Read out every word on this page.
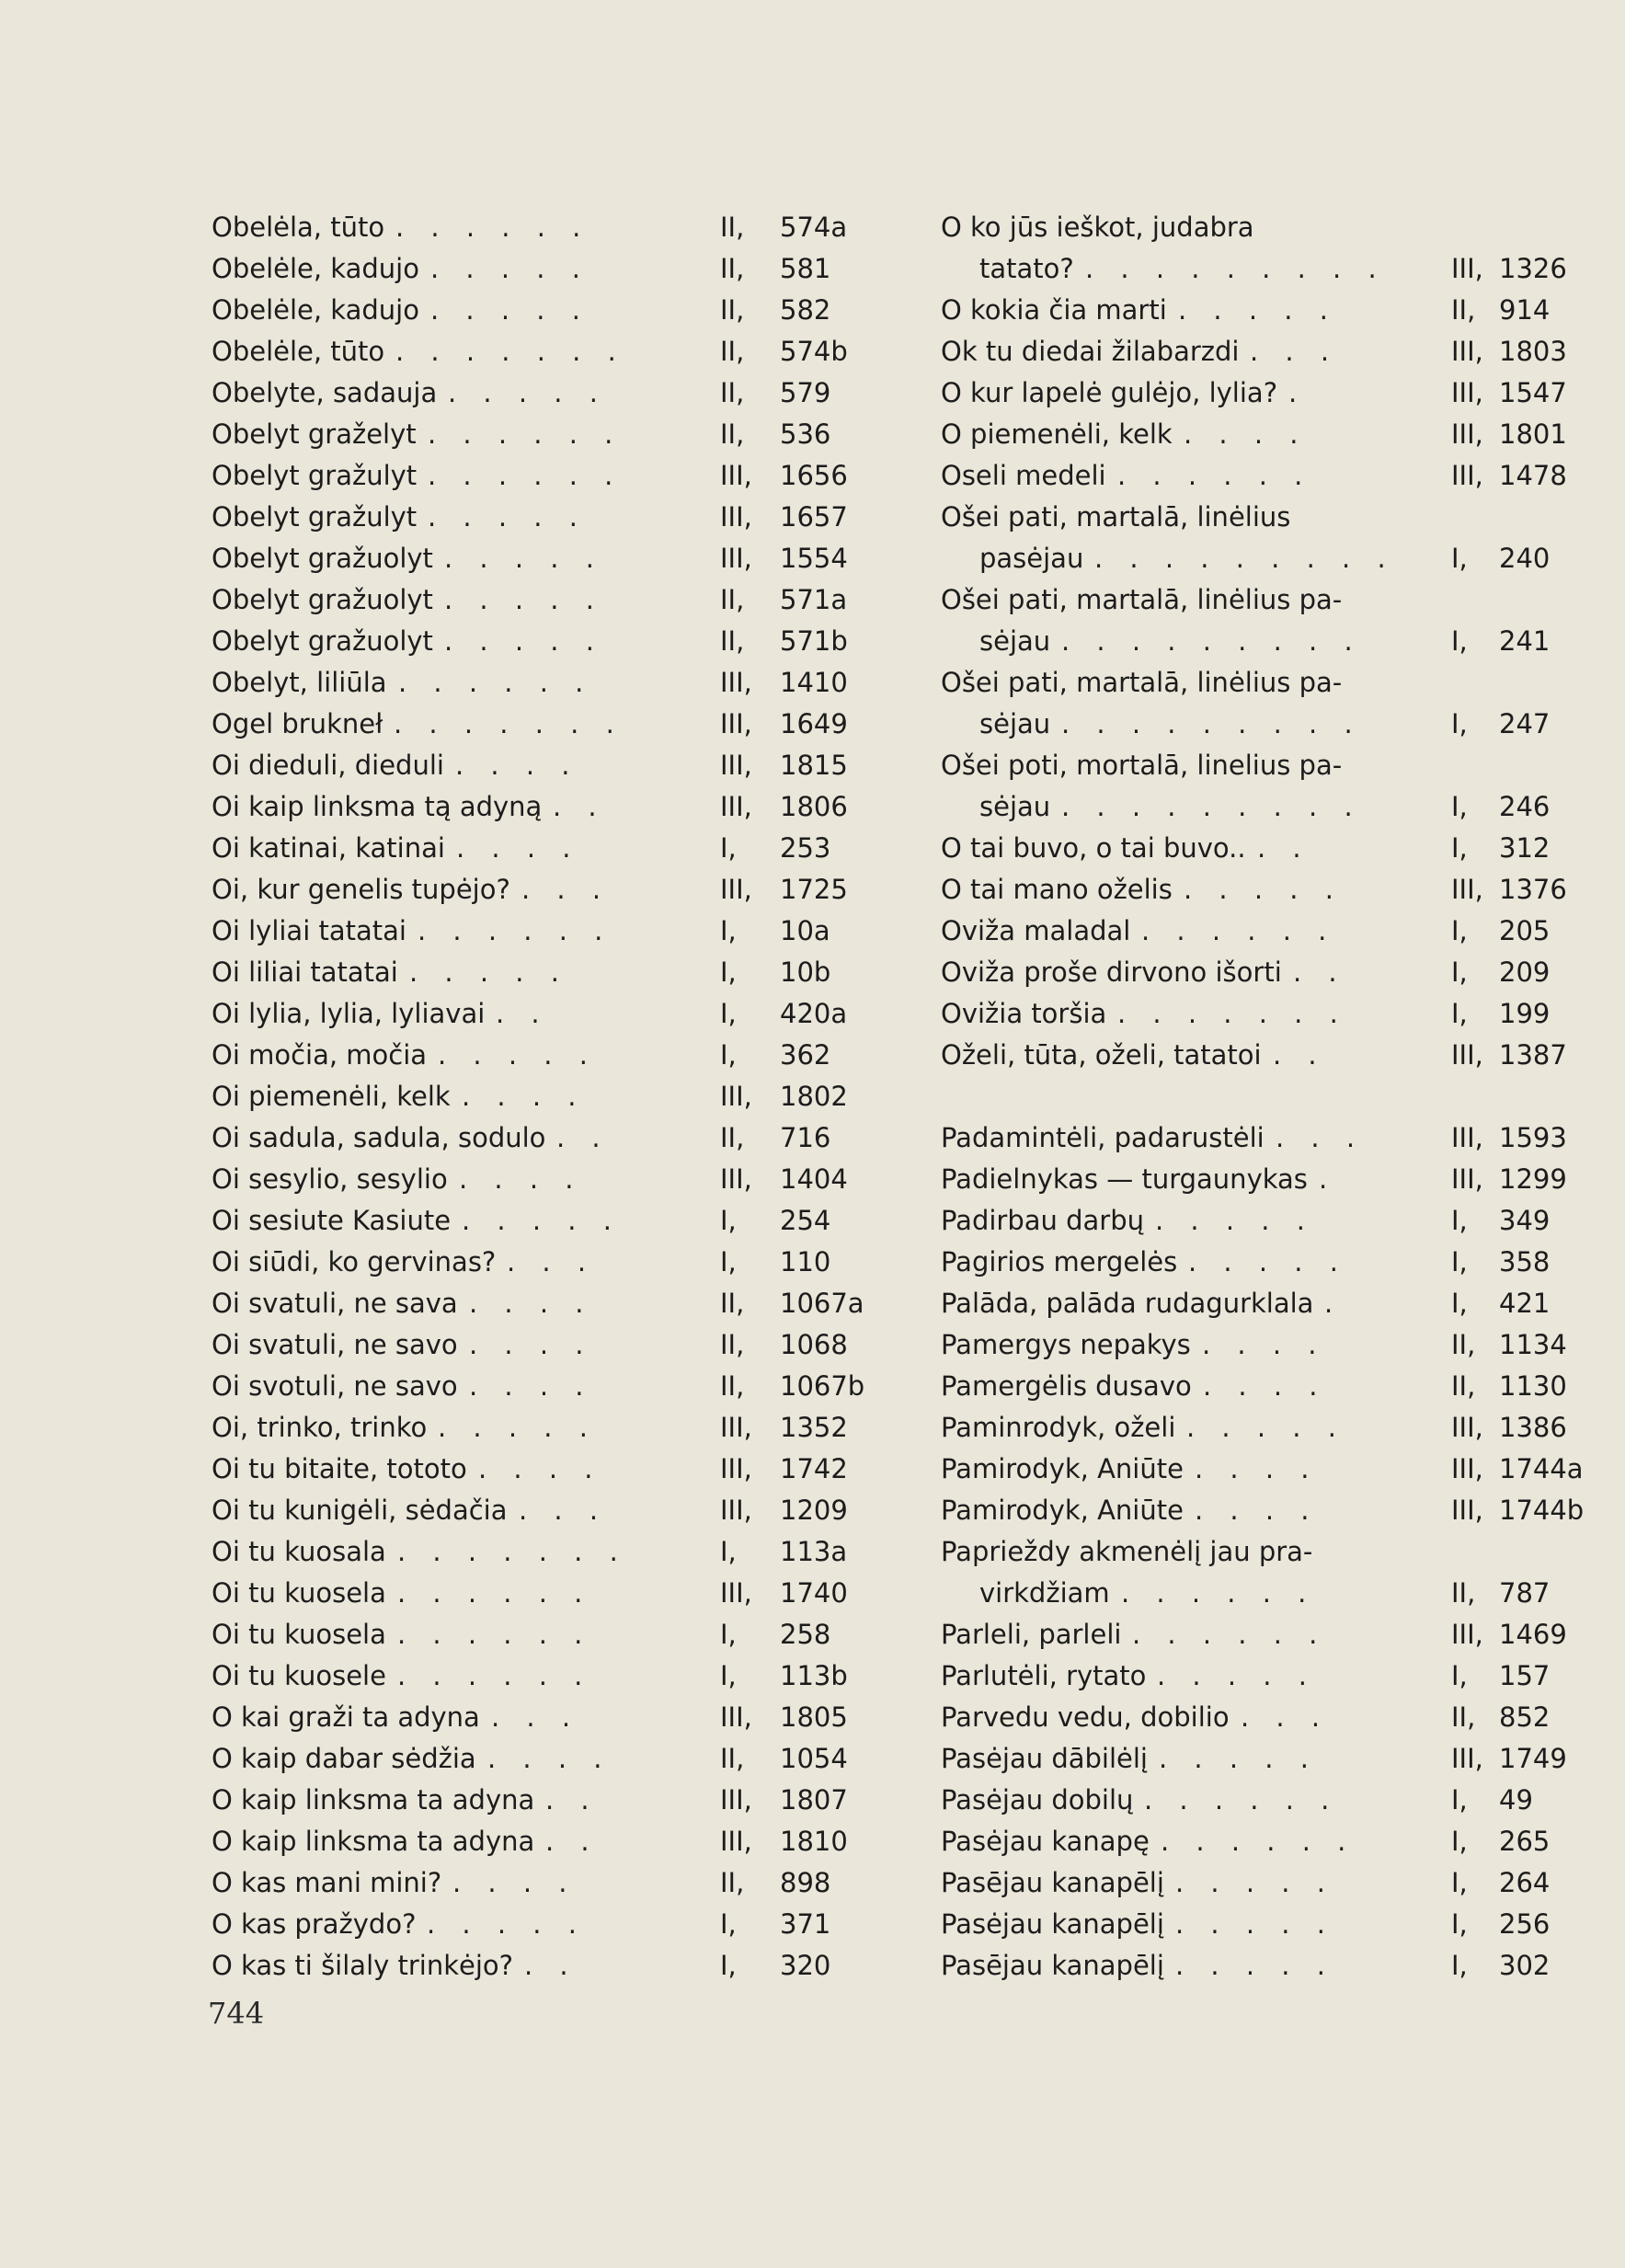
Obelėla, tūto . . . . . .	II, 574a
Obelėle, kadujo . . . . .	II, 581
Obelėle, kadujo . . . . .	II, 582
Obelėle, tūto . . . . . . .	II, 574b
Obelyte, sadauja . . . . .	II, 579
Obelyt graželyt . . . . . .	II, 536
Obelyt gražulyt . . . . . .	III, 1656
Obelyt gražulyt . . . . .	III, 1657
Obelyt gražuolyt . . . . .	III, 1554
Obelyt gražuolyt . . . . .	II, 571a
Obelyt gražuolyt . . . . .	II, 571b
Obelyt, liliūla . . . . . .	III, 1410
Ogel brukneł . . . . . . .	III, 1649
Oi dieduli, dieduli . . . .	III, 1815
Oi kaip linksma tą adyną . .	III, 1806
Oi katinai, katinai . . . .	I, 253
Oi, kur genelis tupėjo? . . .	III, 1725
Oi lyliai tatatai . . . . . .	I, 10a
Oi liliai tatatai . . . . .	I, 10b
Oi lylia, lylia, lyliavai . .	I, 420a
Oi močia, močia . . . . .	I, 362
Oi piemenėli, kelk . . . .	III, 1802
Oi sadula, sadula, sodulo . .	II, 716
Oi sesylio, sesylio . . . .	III, 1404
Oi sesiute Kasiute . . . . .	I, 254
Oi siūdi, ko gervinas? . . .	I, 110
Oi svatuli, ne sava . . . .	II, 1067a
Oi svatuli, ne savo . . . .	II, 1068
Oi svotuli, ne savo . . . .	II, 1067b
Oi, trinko, trinko . . . . .	III, 1352
Oi tu bitaite, tototo . . . .	III, 1742
Oi tu kunigėli, sėdačia . . .	III, 1209
Oi tu kuosala . . . . . . .	I, 113a
Oi tu kuosela . . . . . .	III, 1740
Oi tu kuosela . . . . . .	I, 258
Oi tu kuosele . . . . . .	I, 113b
O kai graži ta adyna . . .	III, 1805
O kaip dabar sėdžia . . . .	II, 1054
O kaip linksma ta adyna . .	III, 1807
O kaip linksma ta adyna . .	III, 1810
O kas mani mini? . . . .	II, 898
O kas pražydo? . . . . .	I, 371
O kas ti šilaly trinkėjo? . .	I, 320
O ko jūs ieškot, judabra
tatato? . . . . . . . . . III, 1326
O kokia čia marti . . . . .	II, 914
Ok tu diedai žilabarzdi . . .	III, 1803
O kur lapelė gulėjo, lylia? .	III, 1547
O piemenėli, kelk . . . .	III, 1801
Oseli medeli . . . . . .	III, 1478
Ošei pati, martalā, linėlius
pasėjau . . . . . . . . . I, 240
Ošei pati, martalā, linėlius pa-
sėjau . . . . . . . . .	I, 241
Ošei pati, martalā, linėlius pa-
sėjau . . . . . . . . .	I, 247
Ošei poti, mortalā, linelius pa-
sėjau . . . . . . . . .	I, 246
O tai buvo, o tai buvo.. . .	I, 312
O tai mano oželis . . . . .	III, 1376
Oviža maladal . . . . . .	I, 205
Oviža proše dirvono išorti . .	I, 209
Ovižia toršia . . . . . . .	I, 199
Oželi, tūta, oželi, tatatoi . .	III, 1387
Padamintėli, padarustėli . . .	III, 1593
Padielnykas — turgaunykas .	III, 1299
Padirbau darbų . . . . .	I, 349
Pagirios mergelės . . . . .	I, 358
Palāda, palāda rudagurklala .	I, 421
Pamergys nepakys . . . .	II, 1134
Pamergėlis dusavo . . . .	II, 1130
Paminrodyk, oželi . . . . .	III, 1386
Pamirodyk, Aniūte . . . .	III, 1744a
Pamirodyk, Aniūte . . . .	III, 1744b
Paprieždy akmenėlį jau pra-
virkdžiam . . . . . .	II, 787
Parleli, parleli . . . . . .	III, 1469
Parlutėli, rytato . . . . .	I, 157
Parvedu vedu, dobilio . . .	II, 852
Pasėjau dābilėlį . . . . .	III, 1749
Pasėjau dobilų . . . . . .	I, 49
Pasėjau kanapę . . . . . .	I, 265
Pasējau kanapēlį . . . . .	I, 264
Pasėjau kanapēlį . . . . .	I, 256
Pasējau kanapēlį . . . . .	I, 302
744
